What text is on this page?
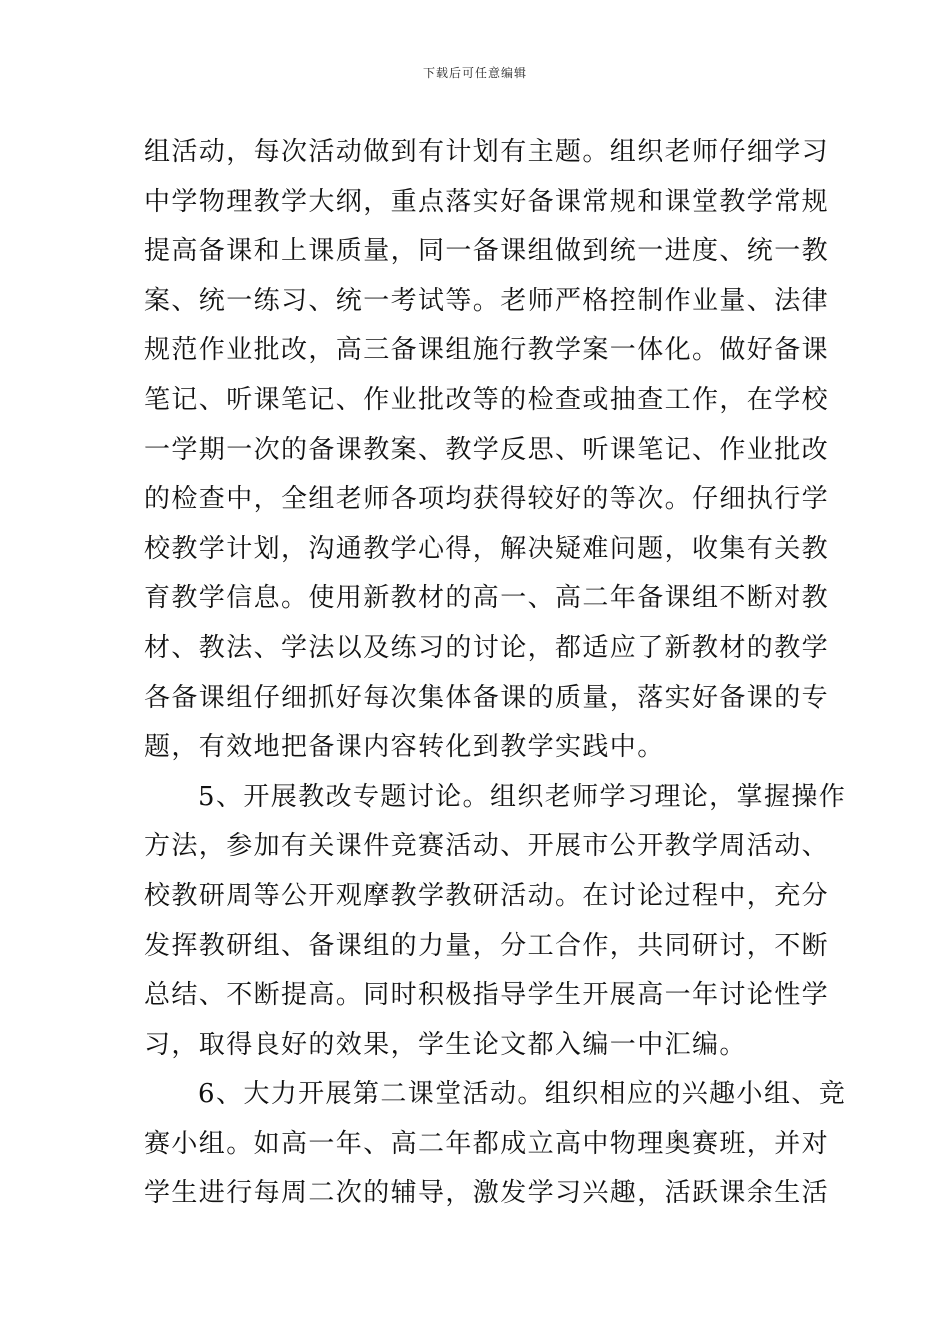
下载后可任意编辑
组活动，每次活动做到有计划有主题。组织老师仔细学习
中学物理教学大纲，重点落实好备课常规和课堂教学常规
提高备课和上课质量，同一备课组做到统一进度、统一教
案、统一练习、统一考试等。老师严格控制作业量、法律
规范作业批改，高三备课组施行教学案一体化。做好备课
笔记、听课笔记、作业批改等的检查或抽查工作，在学校
一学期一次的备课教案、教学反思、听课笔记、作业批改
的检查中，全组老师各项均获得较好的等次。仔细执行学
校教学计划，沟通教学心得，解决疑难问题，收集有关教
育教学信息。使用新教材的高一、高二年备课组不断对教
材、教法、学法以及练习的讨论，都适应了新教材的教学
各备课组仔细抓好每次集体备课的质量，落实好备课的专
题，有效地把备课内容转化到教学实践中。
5、开展教改专题讨论。组织老师学习理论，掌握操作
方法，参加有关课件竞赛活动、开展市公开教学周活动、
校教研周等公开观摩教学教研活动。在讨论过程中，充分
发挥教研组、备课组的力量，分工合作，共同研讨，不断
总结、不断提高。同时积极指导学生开展高一年讨论性学
习，取得良好的效果，学生论文都入编一中汇编。
6、大力开展第二课堂活动。组织相应的兴趣小组、竞
赛小组。如高一年、高二年都成立高中物理奥赛班，并对
学生进行每周二次的辅导，激发学习兴趣，活跃课余生活
